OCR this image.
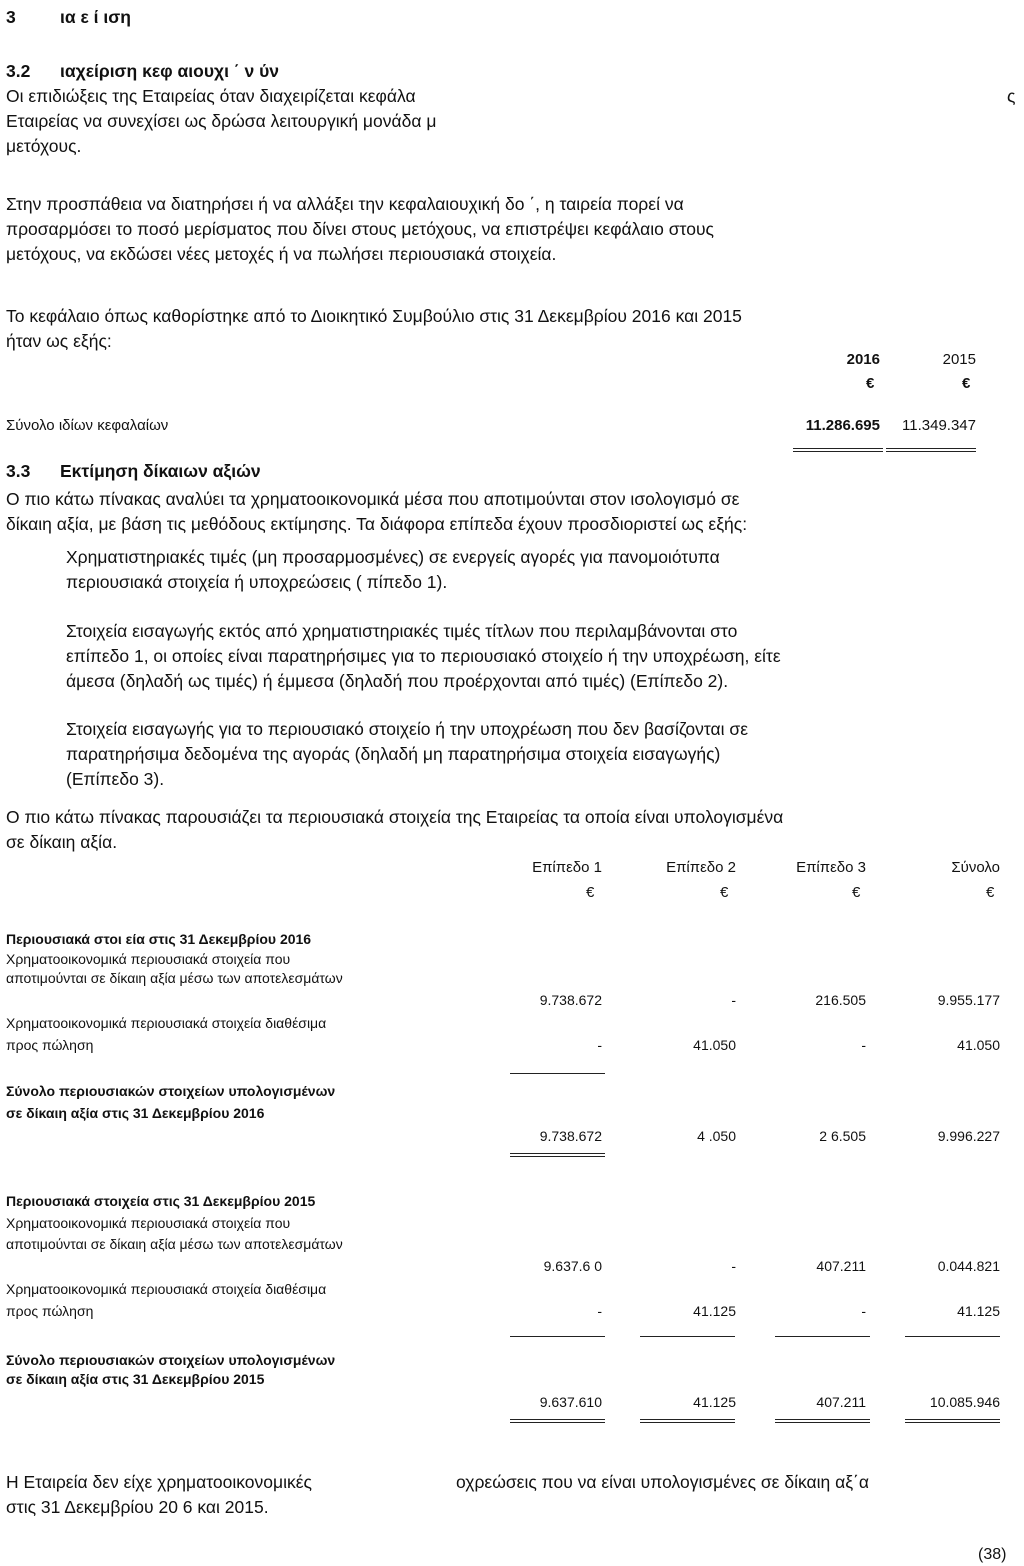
3	ια ε ί ιση
3.2 ιαχείριση κεφ αιουχι ΄ ν ύν
Οι επιδιώξεις της Εταιρείας όταν διαχειρίζεται κεφάλα	ς
Εταιρείας να συνεχίσει ως δρώσα λειτουργική μονάδα μ
μετόχους.
Στην προσπάθεια να διατηρήσει ή να αλλάξει την κεφαλαιουχική δο ΄, η ταιρεία πορεί να
προσαρμόσει το ποσό μερίσματος που δίνει στους μετόχους, να επιστρέψει κεφάλαιο στους
μετόχους, να εκδώσει νέες μετοχές ή να πωλήσει περιουσιακά στοιχεία.
Το κεφάλαιο όπως καθορίστηκε από το Διοικητικό Συμβούλιο στις 31 Δεκεμβρίου 2016 και 2015
ήταν ως εξής:
2016	2015
€	€
Σύνολο ιδίων κεφαλαίων	11.286.695	11.349.347
3.3 Εκτίμηση δίκαιων αξιών
Ο πιο κάτω πίνακας αναλύει τα χρηματοοικονομικά μέσα που αποτιμούνται στον ισολογισμό σε
δίκαιη αξία, με βάση τις μεθόδους εκτίμησης. Τα διάφορα επίπεδα έχουν προσδιοριστεί ως εξής:
Χρηματιστηριακές τιμές (μη προσαρμοσμένες) σε ενεργείς αγορές για πανομοιότυπα
περιουσιακά στοιχεία ή υποχρεώσεις ( πίπεδο 1).
Στοιχεία εισαγωγής εκτός από χρηματιστηριακές τιμές τίτλων που περιλαμβάνονται στο
επίπεδο 1, οι οποίες είναι παρατηρήσιμες για το περιουσιακό στοιχείο ή την υποχρέωση, είτε
άμεσα (δηλαδή ως τιμές) ή έμμεσα (δηλαδή που προέρχονται από τιμές) (Επίπεδο 2).
Στοιχεία εισαγωγής για το περιουσιακό στοιχείο ή την υποχρέωση που δεν βασίζονται σε
παρατηρήσιμα δεδομένα της αγοράς (δηλαδή μη παρατηρήσιμα στοιχεία εισαγωγής)
(Επίπεδο 3).
Ο πιο κάτω πίνακας παρουσιάζει τα περιουσιακά στοιχεία της Εταιρείας τα οποία είναι υπολογισμένα
σε δίκαιη αξία.
Επίπεδο 1	Επίπεδο 2	Επίπεδο 3	Σύνολο
€	€	€	€
Περιουσιακά στοι εία στις 31 Δεκεμβρίου 2016
Χρηματοοικονομικά περιουσιακά στοιχεία που
αποτιμούνται σε δίκαιη αξία μέσω των αποτελεσμάτων
9.738.672	-	216.505	9.955.177
Χρηματοοικονομικά περιουσιακά στοιχεία διαθέσιμα
προς πώληση	-	41.050	-	41.050
Σύνολο περιουσιακών στοιχείων υπολογισμένων
σε δίκαιη αξία στις 31 Δεκεμβρίου 2016
9.738.672	4 .050	2 6.505	9.996.227
Περιουσιακά στοιχεία στις 31 Δεκεμβρίου 2015
Χρηματοοικονομικά περιουσιακά στοιχεία που
αποτιμούνται σε δίκαιη αξία μέσω των αποτελεσμάτων
9.637.6 0	-	407.211	0.044.821
Χρηματοοικονομικά περιουσιακά στοιχεία διαθέσιμα
προς πώληση	-	41.125	-	41.125
Σύνολο περιουσιακών στοιχείων υπολογισμένων
σε δίκαιη αξία στις 31 Δεκεμβρίου 2015
9.637.610	41.125	407.211	10.085.946
Η Εταιρεία δεν είχε χρηματοοικονομικές	οχρεώσεις που να είναι υπολογισμένες σε δίκαιη αξ΄α
στις 31 Δεκεμβρίου 20 6 και 2015.
(38)
